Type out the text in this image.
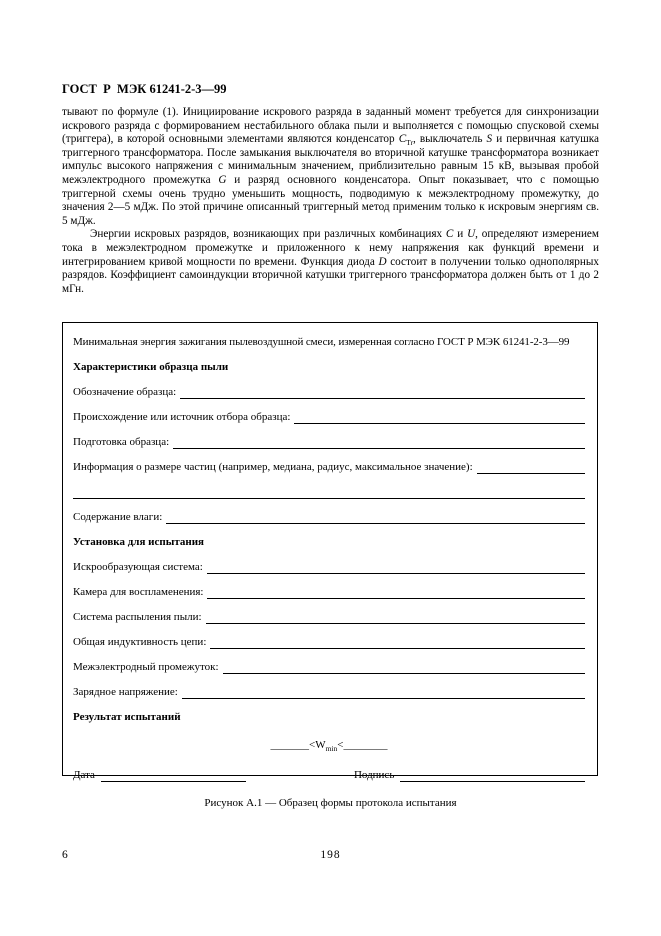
ГОСТ  Р  МЭК 61241-2-3—99

тывают по формуле (1). Инициирование искрового разряда в заданный момент требуется для синхронизации искрового разряда с формированием нестабильного облака пыли и выполняется с помощью спусковой схемы (триггера), в которой основными элементами являются конденсатор $C_{Tr}$, выключатель S и первичная катушка триггерного трансформатора. После замыкания выключателя во вторичной катушке трансформатора возникает импульс высокого напряжения с минимальным значением, приблизительно равным 15 кВ, вызывая пробой межэлектродного промежутка G и разряд основного конденсатора. Опыт показывает, что с помощью триггерной схемы очень трудно уменьшить мощность, подводимую к межэлектродному промежутку, до значения 2—5 мДж. По этой причине описанный триггерный метод применим только к искровым энергиям св. 5 мДж.

Энергии искровых разрядов, возникающих при различных комбинациях C и U, определяют измерением тока в межэлектродном промежутке и приложенного к нему напряжения как функций времени и интегрированием кривой мощности по времени. Функция диода D состоит в получении только однополярных разрядов. Коэффициент самоиндукции вторичной катушки триггерного трансформатора должен быть от 1 до 2 мГн.

Минимальная энергия зажигания пылевоздушной смеси, измеренная согласно ГОСТ Р МЭК 61241-2-3—99
Характеристики образца пыли
Обозначение образца:
Происхождение или источник отбора образца:
Подготовка образца:
Информация о размере частиц (например, медиана, радиус, максимальное значение):
Содержание влаги:
Установка для испытания
Искрообразующая система:
Камера для воспламенения:
Система распыления пыли:
Общая индуктивность цепи:
Межэлектродный промежуток:
Зарядное напряжение:
Результат испытаний
$\_\_\_\_\_\_\_<W_{min}<\_\_\_\_\_\_\_\_$
Дата	Подпись
Рисунок А.1 — Образец формы протокола испытания
6	198
